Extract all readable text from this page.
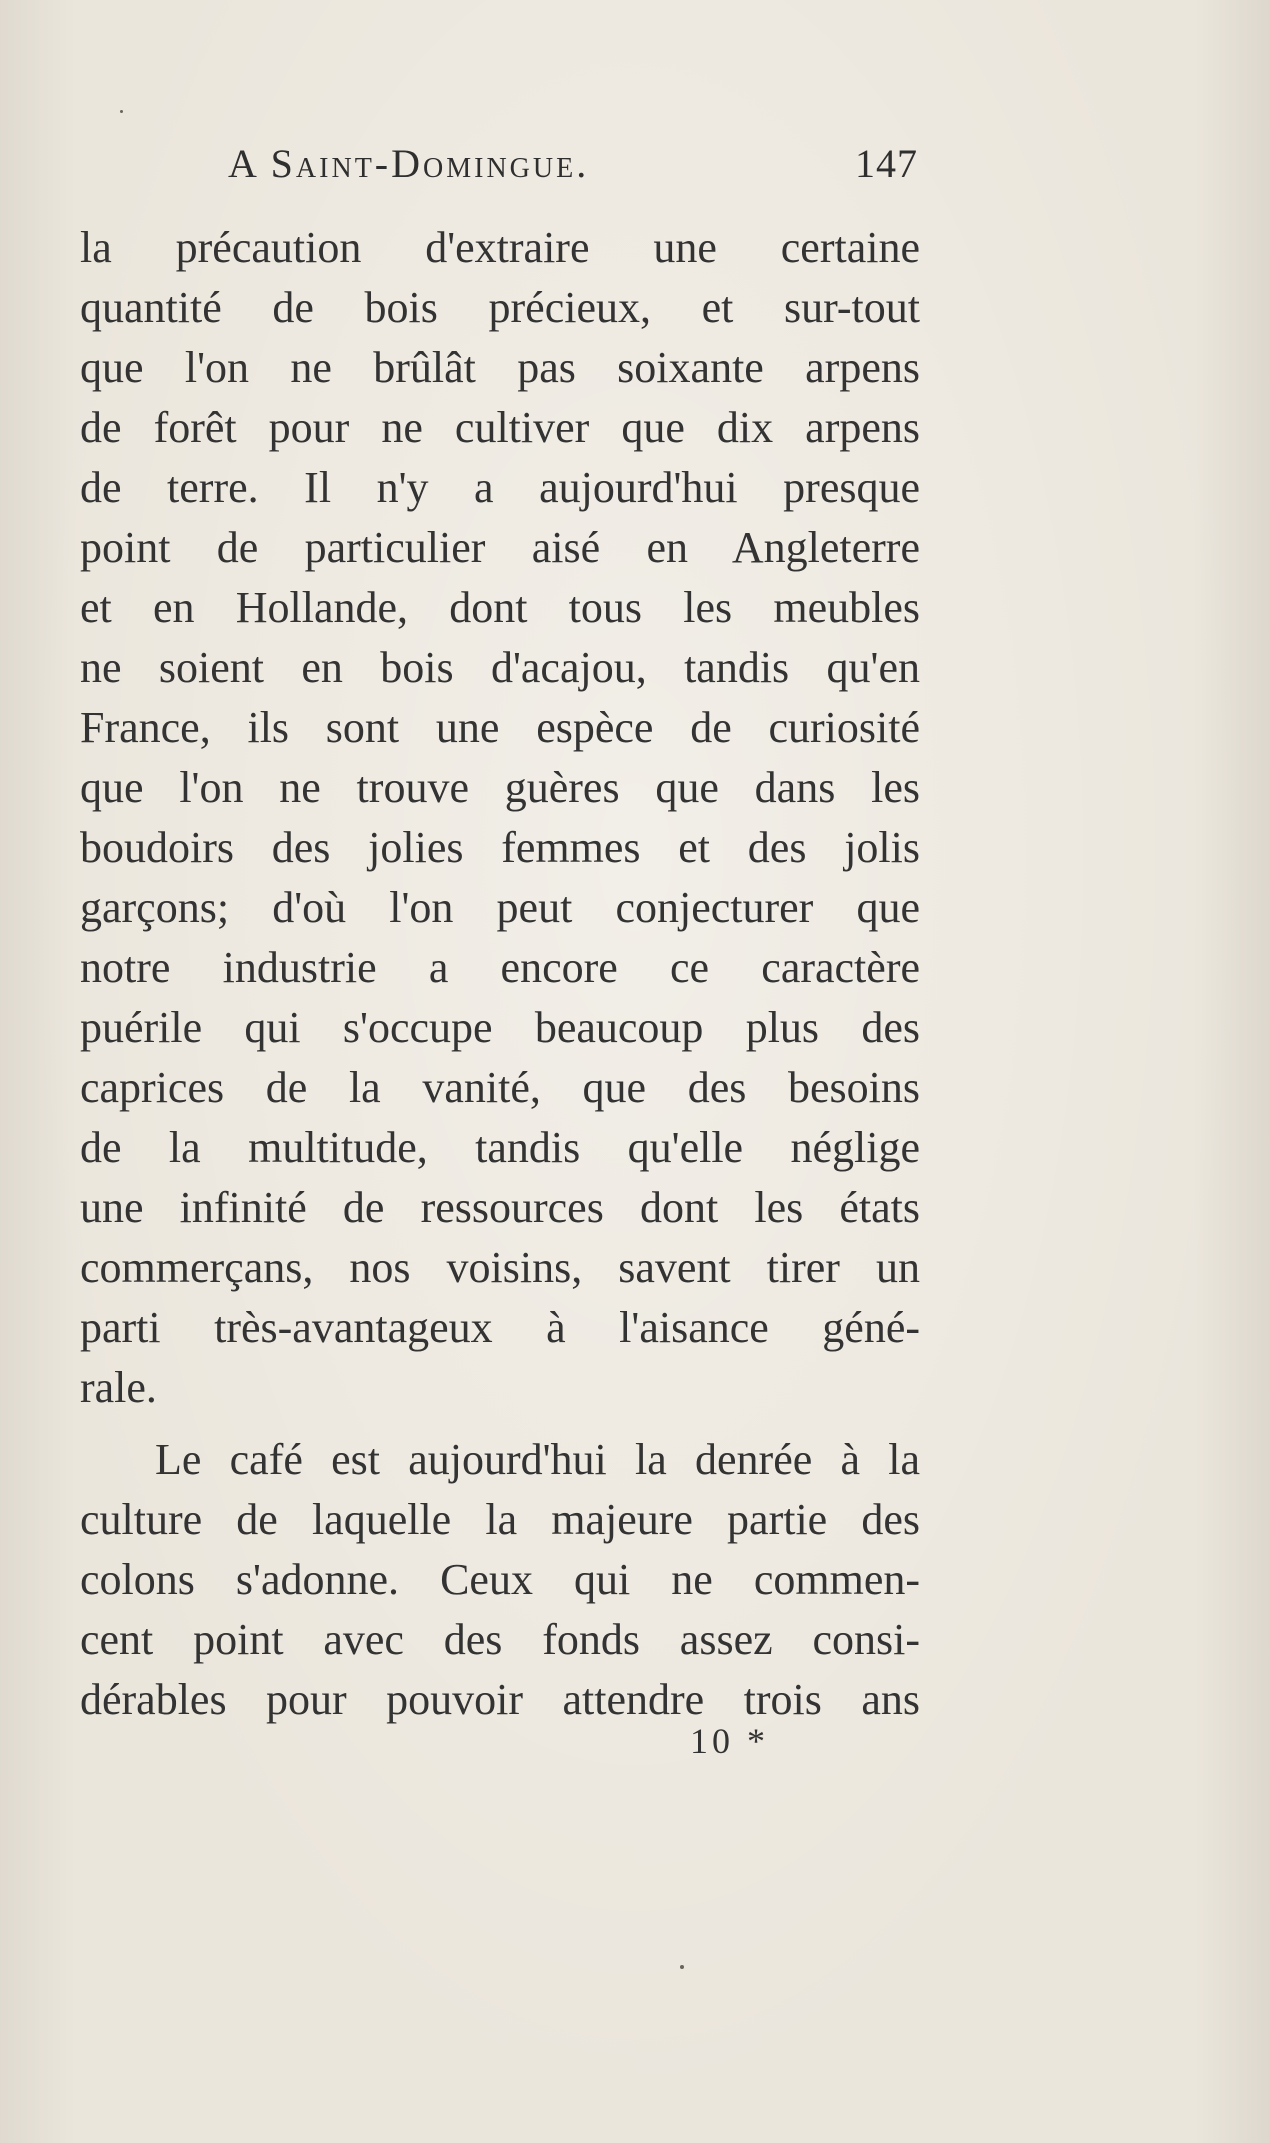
A Saint-Domingue.	147
la précaution d'extraire une certaine
quantité de bois précieux, et sur-tout
que l'on ne brûlât pas soixante arpens
de forêt pour ne cultiver que dix arpens
de terre. Il n'y a aujourd'hui presque
point de particulier aisé en Angleterre
et en Hollande, dont tous les meubles
ne soient en bois d'acajou, tandis qu'en
France, ils sont une espèce de curiosité
que l'on ne trouve guères que dans les
boudoirs des jolies femmes et des jolis
garçons; d'où l'on peut conjecturer que
notre industrie a encore ce caractère
puérile qui s'occupe beaucoup plus des
caprices de la vanité, que des besoins
de la multitude, tandis qu'elle néglige
une infinité de ressources dont les états
commerçans, nos voisins, savent tirer un
parti très-avantageux à l'aisance géné-
rale.
Le café est aujourd'hui la denrée à la
culture de laquelle la majeure partie des
colons s'adonne. Ceux qui ne commen-
cent point avec des fonds assez consi-
dérables pour pouvoir attendre trois ans
10 *
